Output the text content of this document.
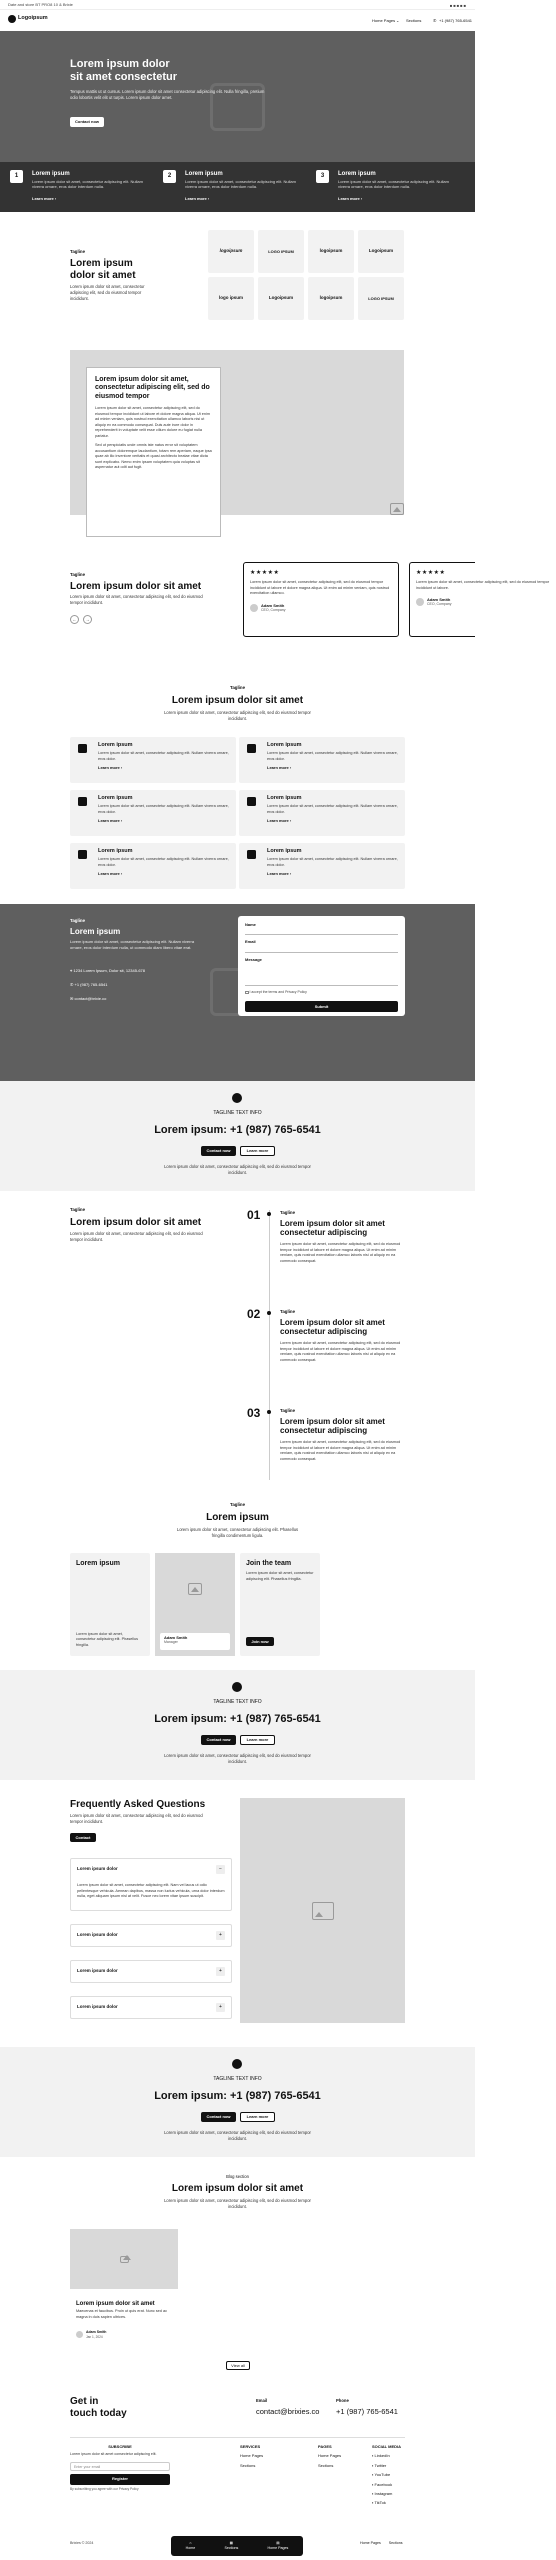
Date and store BT PRO8 10 & Brixie	■■■■■
Logoipsum	Home Pages ⌄ Sections	✆ +1 (987) 765-6541
Lorem ipsum dolor
sit amet consectetur
Tempus mattis ut ut cursus. Lorem ipsum dolor sit amet consectetur adipiscing elit. Nulla fringilla, pretium odio lobortis velit elit ut turpis. Lorem ipsum dolor amet.
Contact now
1	Lorem ipsum
Lorem ipsum dolor sit amet, consectetur adipiscing elit. Nullam viverra ornare, eros dolor interdum nulla.
Learn more ›
2	Lorem ipsum
Lorem ipsum dolor sit amet, consectetur adipiscing elit. Nullam viverra ornare, eros dolor interdum nulla.
Learn more ›
3	Lorem ipsum
Lorem ipsum dolor sit amet, consectetur adipiscing elit. Nullam viverra ornare, eros dolor interdum nulla.
Learn more ›
Tagline
Lorem ipsum
dolor sit amet
Lorem ipsum dolor sit amet, consectetur adipiscing elit, sed do eiusmod tempor incididunt.
logoipsum	LOGO IPSUM	logoipsum	Logoipsum
logo ipsum	Logoipsum	logoipsum	LOGO IPSUM
Lorem ipsum dolor sit amet, consectetur adipiscing elit, sed do eiusmod tempor
Lorem ipsum dolor sit amet, consectetur adipiscing elit, sed do eiusmod tempor incididunt ut labore et dolore magna aliqua. Ut enim ad minim veniam, quis nostrud exercitation ullamco laboris nisi ut aliquip ex ea commodo consequat. Duis aute irure dolor in reprehenderit in voluptate velit esse cillum dolore eu fugiat nulla pariatur.
Sed ut perspiciatis unde omnis iste natus error sit voluptatem accusantium doloremque laudantium, totam rem aperiam, eaque ipsa quae ab illo inventore veritatis et quasi architecto beatae vitae dicta sunt explicabo. Nemo enim ipsam voluptatem quia voluptas sit aspernatur aut odit aut fugit.
Tagline
Lorem ipsum dolor sit amet
Lorem ipsum dolor sit amet, consectetur adipiscing elit, sed do eiusmod tempor incididunt.
← →
★★★★★
Lorem ipsum dolor sit amet, consectetur adipiscing elit, sed do eiusmod tempor incididunt ut labore et dolore magna aliqua. Ut enim ad minim veniam, quis nostrud exercitation ullamco.
Adam Smith
CEO, Company
★★★★★
Lorem ipsum dolor sit amet, consectetur adipiscing elit, sed do eiusmod tempor incididunt ut labore.
Adam Smith
CEO, Company
Tagline
Lorem ipsum dolor sit amet
Lorem ipsum dolor sit amet, consectetur adipiscing elit, sed do eiusmod tempor incididunt.
Lorem ipsum
Lorem ipsum dolor sit amet, consectetur adipiscing elit. Nullam viverra ornare, eros dolor.
Learn more ›
Lorem ipsum
Lorem ipsum dolor sit amet, consectetur adipiscing elit. Nullam viverra ornare, eros dolor.
Learn more ›
Lorem ipsum
Lorem ipsum dolor sit amet, consectetur adipiscing elit. Nullam viverra ornare, eros dolor.
Learn more ›
Lorem ipsum
Lorem ipsum dolor sit amet, consectetur adipiscing elit. Nullam viverra ornare, eros dolor.
Learn more ›
Lorem ipsum
Lorem ipsum dolor sit amet, consectetur adipiscing elit. Nullam viverra ornare, eros dolor.
Learn more ›
Lorem ipsum
Lorem ipsum dolor sit amet, consectetur adipiscing elit. Nullam viverra ornare, eros dolor.
Learn more ›
Tagline
Lorem ipsum
Lorem ipsum dolor sit amet, consectetur adipiscing elit. Nullam viverra ornare, eros dolor interdum nulla, ut commodo diam libero vitae erat.
⌖ 1234 Lorem Ipsum, Dolor sit, 12345-678
✆ +1 (987) 765-6541
✉ contact@brixie.co
Name
Email
Message
I accept the terms and Privacy Policy
Submit
TAGLINE TEXT INFO
Lorem ipsum: +1 (987) 765-6541
Contact now	Learn more
Lorem ipsum dolor sit amet, consectetur adipiscing elit, sed do eiusmod tempor incididunt.
Tagline
Lorem ipsum dolor sit amet
Lorem ipsum dolor sit amet, consectetur adipiscing elit, sed do eiusmod tempor incididunt.
01	Tagline
Lorem ipsum dolor sit amet consectetur adipiscing
Lorem ipsum dolor sit amet, consectetur adipiscing elit, sed do eiusmod tempor incididunt ut labore et dolore magna aliqua. Ut enim ad minim veniam, quis nostrud exercitation ullamco laboris nisi ut aliquip ex ea commodo consequat.
02	Tagline
Lorem ipsum dolor sit amet consectetur adipiscing
Lorem ipsum dolor sit amet, consectetur adipiscing elit, sed do eiusmod tempor incididunt ut labore et dolore magna aliqua. Ut enim ad minim veniam, quis nostrud exercitation ullamco laboris nisi ut aliquip ex ea commodo consequat.
03	Tagline
Lorem ipsum dolor sit amet consectetur adipiscing
Lorem ipsum dolor sit amet, consectetur adipiscing elit, sed do eiusmod tempor incididunt ut labore et dolore magna aliqua. Ut enim ad minim veniam, quis nostrud exercitation ullamco laboris nisi ut aliquip ex ea commodo consequat.
Tagline
Lorem ipsum
Lorem ipsum dolor sit amet, consectetur adipiscing elit. Phasellus fringilla condimentum ligula.
Lorem ipsum
Lorem ipsum dolor sit amet, consectetur adipiscing elit. Phasellus fringilla.
Adam Smith
Manager
Join the team
Lorem ipsum dolor sit amet, consectetur adipiscing elit. Phasellus fringilla.
Join now
TAGLINE TEXT INFO
Lorem ipsum: +1 (987) 765-6541
Contact now	Learn more
Lorem ipsum dolor sit amet, consectetur adipiscing elit, sed do eiusmod tempor incididunt.
Frequently Asked Questions
Lorem ipsum dolor sit amet, consectetur adipiscing elit, sed do eiusmod tempor incididunt.
Contact
Lorem ipsum dolor	−
Lorem ipsum dolor sit amet, consectetur adipiscing elit. Nam vel lacus ut odio pellentesque vehicula. Aenean dapibus, massa non luctus vehicula, urna dolor interdum nulla, eget aliquam ipsum nisl at velit. Fusce nec lorem vitae ipsum suscipit.
Lorem ipsum dolor	+
Lorem ipsum dolor	+
Lorem ipsum dolor	+
TAGLINE TEXT INFO
Lorem ipsum: +1 (987) 765-6541
Contact now	Learn more
Lorem ipsum dolor sit amet, consectetur adipiscing elit, sed do eiusmod tempor incididunt.
Blog section
Lorem ipsum dolor sit amet
Lorem ipsum dolor sit amet, consectetur adipiscing elit, sed do eiusmod tempor incididunt.
Lorem ipsum dolor sit amet
Maecenas et faucibus. Proin ut quis erat. Nunc sed ac magna in duis sapien ultrices.
Adam Smith
Jan 1, 2024
View all
Get in
touch today
Email
contact@brixies.co
Phone
+1 (987) 765-6541
SUBSCRIBE
Lorem ipsum dolor sit amet consectetur adipiscing elit.
Enter your email
Register
By subscribing you agree with our Privacy Policy
SERVICES
Home Pages
Sections
PAGES
Home Pages
Sections
SOCIAL MEDIA
▪ LinkedIn
▪ Twitter
▪ YouTube
▪ Facebook
▪ Instagram
▪ TikTok
Brixies © 2024	Home Pages Sections
⌂
Home
▦
Sections
▤
Home Pages
